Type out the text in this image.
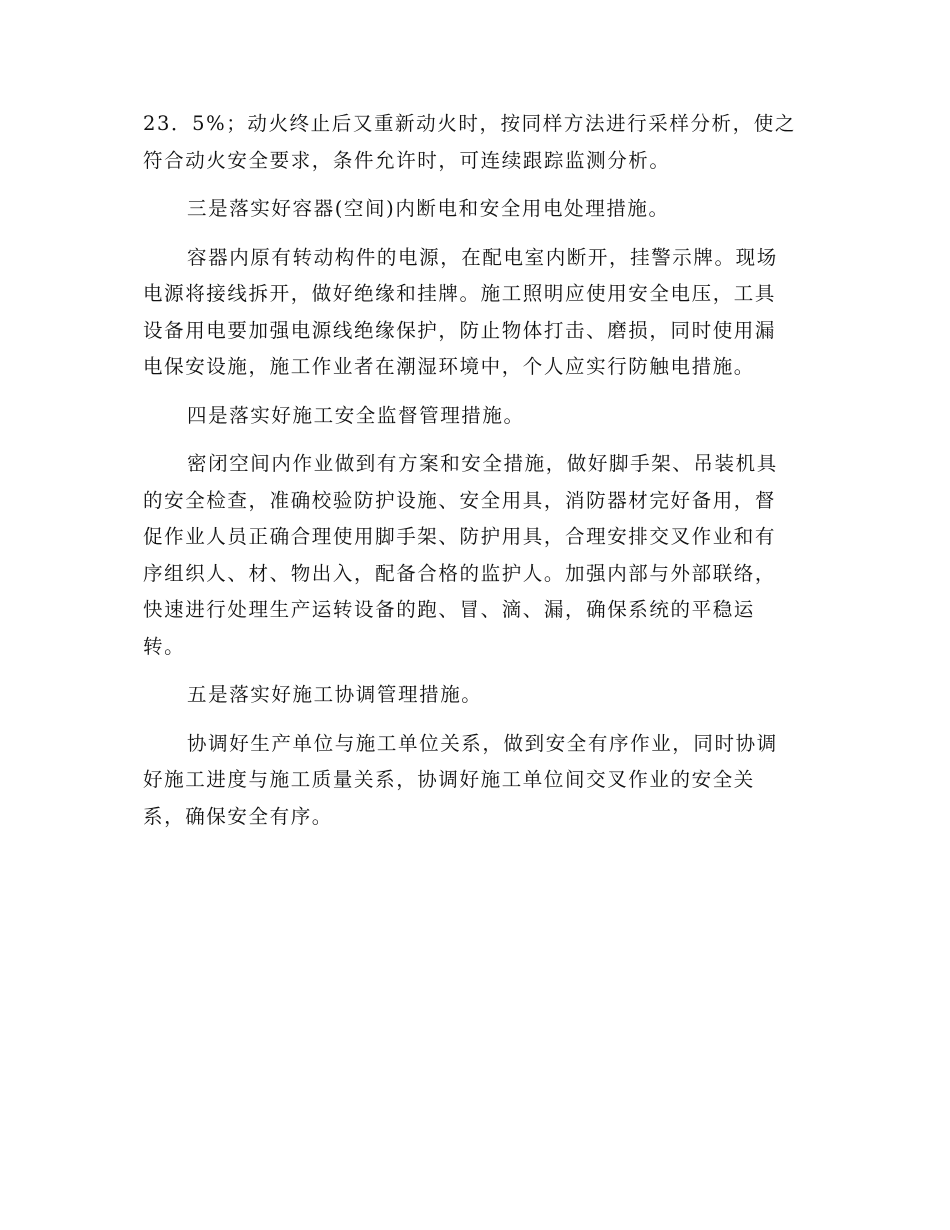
23．5%；动火终止后又重新动火时，按同样方法进行采样分析，使之
符合动火安全要求，条件允许时，可连续跟踪监测分析。

三是落实好容器(空间)内断电和安全用电处理措施。

容器内原有转动构件的电源，在配电室内断开，挂警示牌。现场
电源将接线拆开，做好绝缘和挂牌。施工照明应使用安全电压，工具
设备用电要加强电源线绝缘保护，防止物体打击、磨损，同时使用漏
电保安设施，施工作业者在潮湿环境中，个人应实行防触电措施。

四是落实好施工安全监督管理措施。

密闭空间内作业做到有方案和安全措施，做好脚手架、吊装机具
的安全检查，准确校验防护设施、安全用具，消防器材完好备用，督
促作业人员正确合理使用脚手架、防护用具，合理安排交叉作业和有
序组织人、材、物出入，配备合格的监护人。加强内部与外部联络，
快速进行处理生产运转设备的跑、冒、滴、漏，确保系统的平稳运
转。

五是落实好施工协调管理措施。

协调好生产单位与施工单位关系，做到安全有序作业，同时协调
好施工进度与施工质量关系，协调好施工单位间交叉作业的安全关
系，确保安全有序。
